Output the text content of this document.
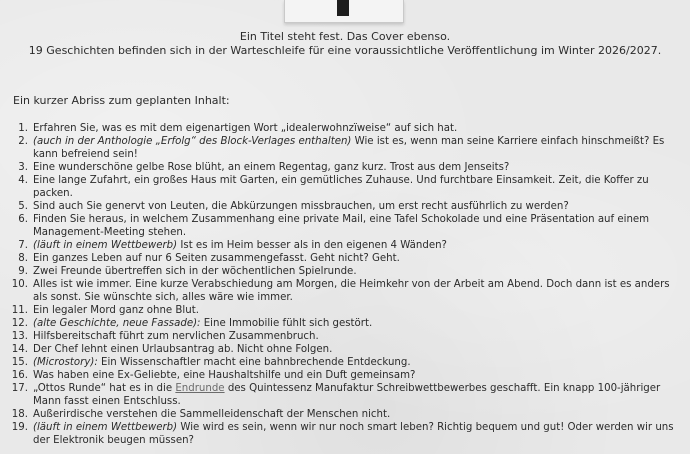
Ein Titel steht fest. Das Cover ebenso.
19 Geschichten befinden sich in der Warteschleife für eine voraussichtliche Veröffentlichung im Winter 2026/2027.
Ein kurzer Abriss zum geplanten Inhalt:
1. Erfahren Sie, was es mit dem eigenartigen Wort „idealerwohnzïweise“ auf sich hat.
2. (auch in der Anthologie „Erfolg“ des Block-Verlages enthalten) Wie ist es, wenn man seine Karriere einfach hinschmeißt? Es kann befreiend sein!
3. Eine wunderschöne gelbe Rose blüht, an einem Regentag, ganz kurz. Trost aus dem Jenseits?
4. Eine lange Zufahrt, ein großes Haus mit Garten, ein gemütliches Zuhause. Und furchtbare Einsamkeit. Zeit, die Koffer zu packen.
5. Sind auch Sie genervt von Leuten, die Abkürzungen missbrauchen, um erst recht ausführlich zu werden?
6. Finden Sie heraus, in welchem Zusammenhang eine private Mail, eine Tafel Schokolade und eine Präsentation auf einem Management-Meeting stehen.
7. (läuft in einem Wettbewerb) Ist es im Heim besser als in den eigenen 4 Wänden?
8. Ein ganzes Leben auf nur 6 Seiten zusammengefasst. Geht nicht? Geht.
9. Zwei Freunde übertreffen sich in der wöchentlichen Spielrunde.
10. Alles ist wie immer. Eine kurze Verabschiedung am Morgen, die Heimkehr von der Arbeit am Abend. Doch dann ist es anders als sonst. Sie wünschte sich, alles wäre wie immer.
11. Ein legaler Mord ganz ohne Blut.
12. (alte Geschichte, neue Fassade): Eine Immobilie fühlt sich gestört.
13. Hilfsbereitschaft führt zum nervlichen Zusammenbruch.
14. Der Chef lehnt einen Urlaubsantrag ab. Nicht ohne Folgen.
15. (Microstory): Ein Wissenschaftler macht eine bahnbrechende Entdeckung.
16. Was haben eine Ex-Geliebte, eine Haushaltshilfe und ein Duft gemeinsam?
17. „Ottos Runde“ hat es in die Endrunde des Quintessenz Manufaktur Schreibwettbewerbes geschafft. Ein knapp 100-jähriger Mann fasst einen Entschluss.
18. Außerirdische verstehen die Sammelleidenschaft der Menschen nicht.
19. (läuft in einem Wettbewerb) Wie wird es sein, wenn wir nur noch smart leben? Richtig bequem und gut! Oder werden wir uns der Elektronik beugen müssen?
